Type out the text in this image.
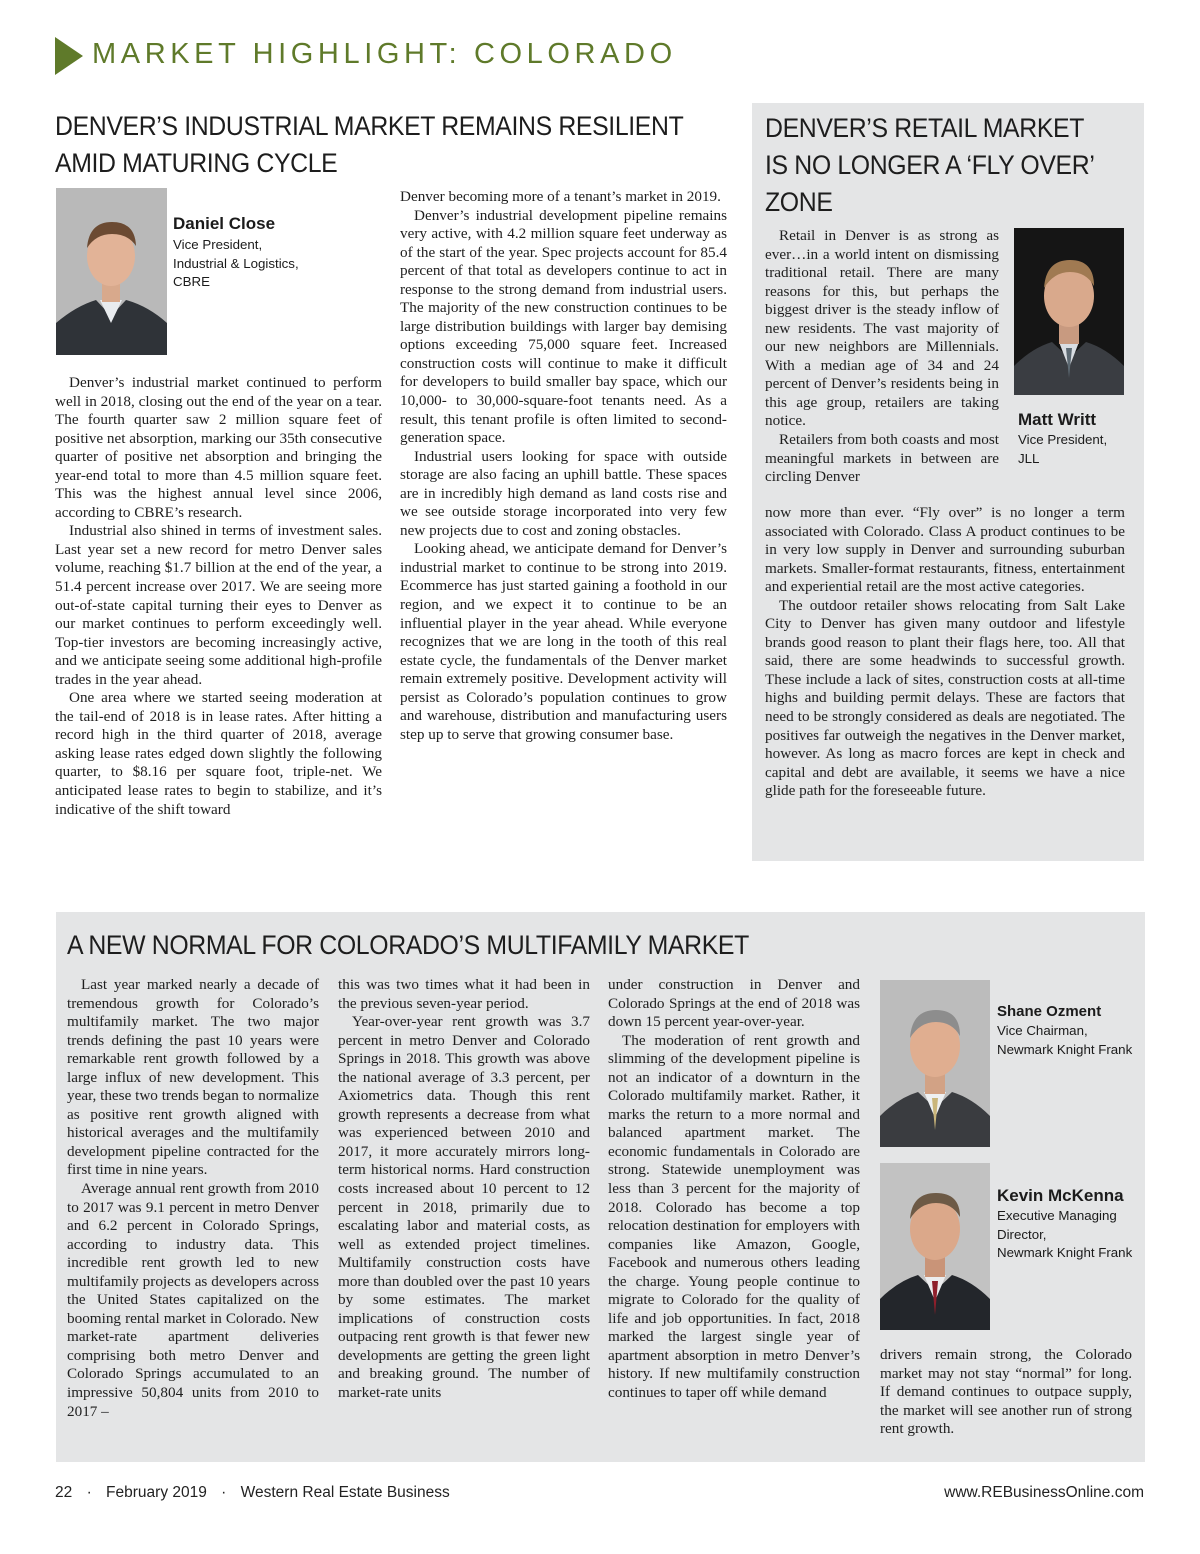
MARKET HIGHLIGHT: COLORADO
DENVER’S INDUSTRIAL MARKET REMAINS RESILIENT
AMID MATURING CYCLE
Daniel Close
Vice President,
Industrial & Logistics,
CBRE

Denver’s industrial market continued to perform well in 2018, closing out the end of the year on a tear. The fourth quarter saw 2 million square feet of positive net absorption, marking our 35th consecutive quarter of positive net absorption and bringing the year-end total to more than 4.5 million square feet. This was the highest annual level since 2006, according to CBRE’s research.

Industrial also shined in terms of investment sales. Last year set a new record for metro Denver sales volume, reaching $1.7 billion at the end of the year, a 51.4 percent increase over 2017. We are seeing more out-of-state capital turning their eyes to Denver as our market continues to perform exceedingly well. Top-tier investors are becoming increasingly active, and we anticipate seeing some additional high-profile trades in the year ahead.

One area where we started seeing moderation at the tail-end of 2018 is in lease rates. After hitting a record high in the third quarter of 2018, average asking lease rates edged down slightly the following quarter, to $8.16 per square foot, triple-net. We anticipated lease rates to begin to stabilize, and it’s indicative of the shift toward

Denver becoming more of a tenant’s market in 2019.

Denver’s industrial development pipeline remains very active, with 4.2 million square feet underway as of the start of the year. Spec projects account for 85.4 percent of that total as developers continue to act in response to the strong demand from industrial users. The majority of the new construction continues to be large distribution buildings with larger bay demising options exceeding 75,000 square feet. Increased construction costs will continue to make it difficult for developers to build smaller bay space, which our 10,000- to 30,000-square-foot tenants need. As a result, this tenant profile is often limited to second-generation space.

Industrial users looking for space with outside storage are also facing an uphill battle. These spaces are in incredibly high demand as land costs rise and we see outside storage incorporated into very few new projects due to cost and zoning obstacles.

Looking ahead, we anticipate demand for Denver’s industrial market to continue to be strong into 2019. Ecommerce has just started gaining a foothold in our region, and we expect it to continue to be an influential player in the year ahead. While everyone recognizes that we are long in the tooth of this real estate cycle, the fundamentals of the Denver market remain extremely positive. Development activity will persist as Colorado’s population continues to grow and warehouse, distribution and manufacturing users step up to serve that growing consumer base.

DENVER’S RETAIL MARKET
IS NO LONGER A ‘FLY OVER’
ZONE
Matt Writt
Vice President,
JLL

Retail in Denver is as strong as ever…in a world intent on dismissing traditional retail. There are many reasons for this, but perhaps the biggest driver is the steady inflow of new residents. The vast majority of our new neighbors are Millennials. With a median age of 34 and 24 percent of Denver’s residents being in this age group, retailers are taking notice.

Retailers from both coasts and most meaningful markets in between are circling Denver

now more than ever. “Fly over” is no longer a term associated with Colorado. Class A product continues to be in very low supply in Denver and surrounding suburban markets. Smaller-format restaurants, fitness, entertainment and experiential retail are the most active categories.

The outdoor retailer shows relocating from Salt Lake City to Denver has given many outdoor and lifestyle brands good reason to plant their flags here, too. All that said, there are some headwinds to successful growth. These include a lack of sites, construction costs at all-time highs and building permit delays. These are factors that need to be strongly considered as deals are negotiated. The positives far outweigh the negatives in the Denver market, however. As long as macro forces are kept in check and capital and debt are available, it seems we have a nice glide path for the foreseeable future.

A NEW NORMAL FOR COLORADO’S MULTIFAMILY MARKET

Last year marked nearly a decade of tremendous growth for Colorado’s multifamily market. The two major trends defining the past 10 years were remarkable rent growth followed by a large influx of new development. This year, these two trends began to normalize as positive rent growth aligned with historical averages and the multifamily development pipeline contracted for the first time in nine years.

Average annual rent growth from 2010 to 2017 was 9.1 percent in metro Denver and 6.2 percent in Colorado Springs, according to industry data. This incredible rent growth led to new multifamily projects as developers across the United States capitalized on the booming rental market in Colorado. New market-rate apartment deliveries comprising both metro Denver and Colorado Springs accumulated to an impressive 50,804 units from 2010 to 2017 –

this was two times what it had been in the previous seven-year period.

Year-over-year rent growth was 3.7 percent in metro Denver and Colorado Springs in 2018. This growth was above the national average of 3.3 percent, per Axiometrics data. Though this rent growth represents a decrease from what was experienced between 2010 and 2017, it more accurately mirrors long-term historical norms. Hard construction costs increased about 10 percent to 12 percent in 2018, primarily due to escalating labor and material costs, as well as extended project timelines. Multifamily construction costs have more than doubled over the past 10 years by some estimates. The market implications of construction costs outpacing rent growth is that fewer new developments are getting the green light and breaking ground. The number of market-rate units

under construction in Denver and Colorado Springs at the end of 2018 was down 15 percent year-over-year.

The moderation of rent growth and slimming of the development pipeline is not an indicator of a downturn in the Colorado multifamily market. Rather, it marks the return to a more normal and balanced apartment market. The economic fundamentals in Colorado are strong. Statewide unemployment was less than 3 percent for the majority of 2018. Colorado has become a top relocation destination for employers with companies like Amazon, Google, Facebook and numerous others leading the charge. Young people continue to migrate to Colorado for the quality of life and job opportunities. In fact, 2018 marked the largest single year of apartment absorption in metro Denver’s history. If new multifamily construction continues to taper off while demand

Shane Ozment
Vice Chairman,
Newmark Knight Frank
Kevin McKenna
Executive Managing
Director,
Newmark Knight Frank

drivers remain strong, the Colorado market may not stay “normal” for long. If demand continues to outpace supply, the market will see another run of strong rent growth.

22 · February 2019 · Western Real Estate Business	www.REBusinessOnline.com
